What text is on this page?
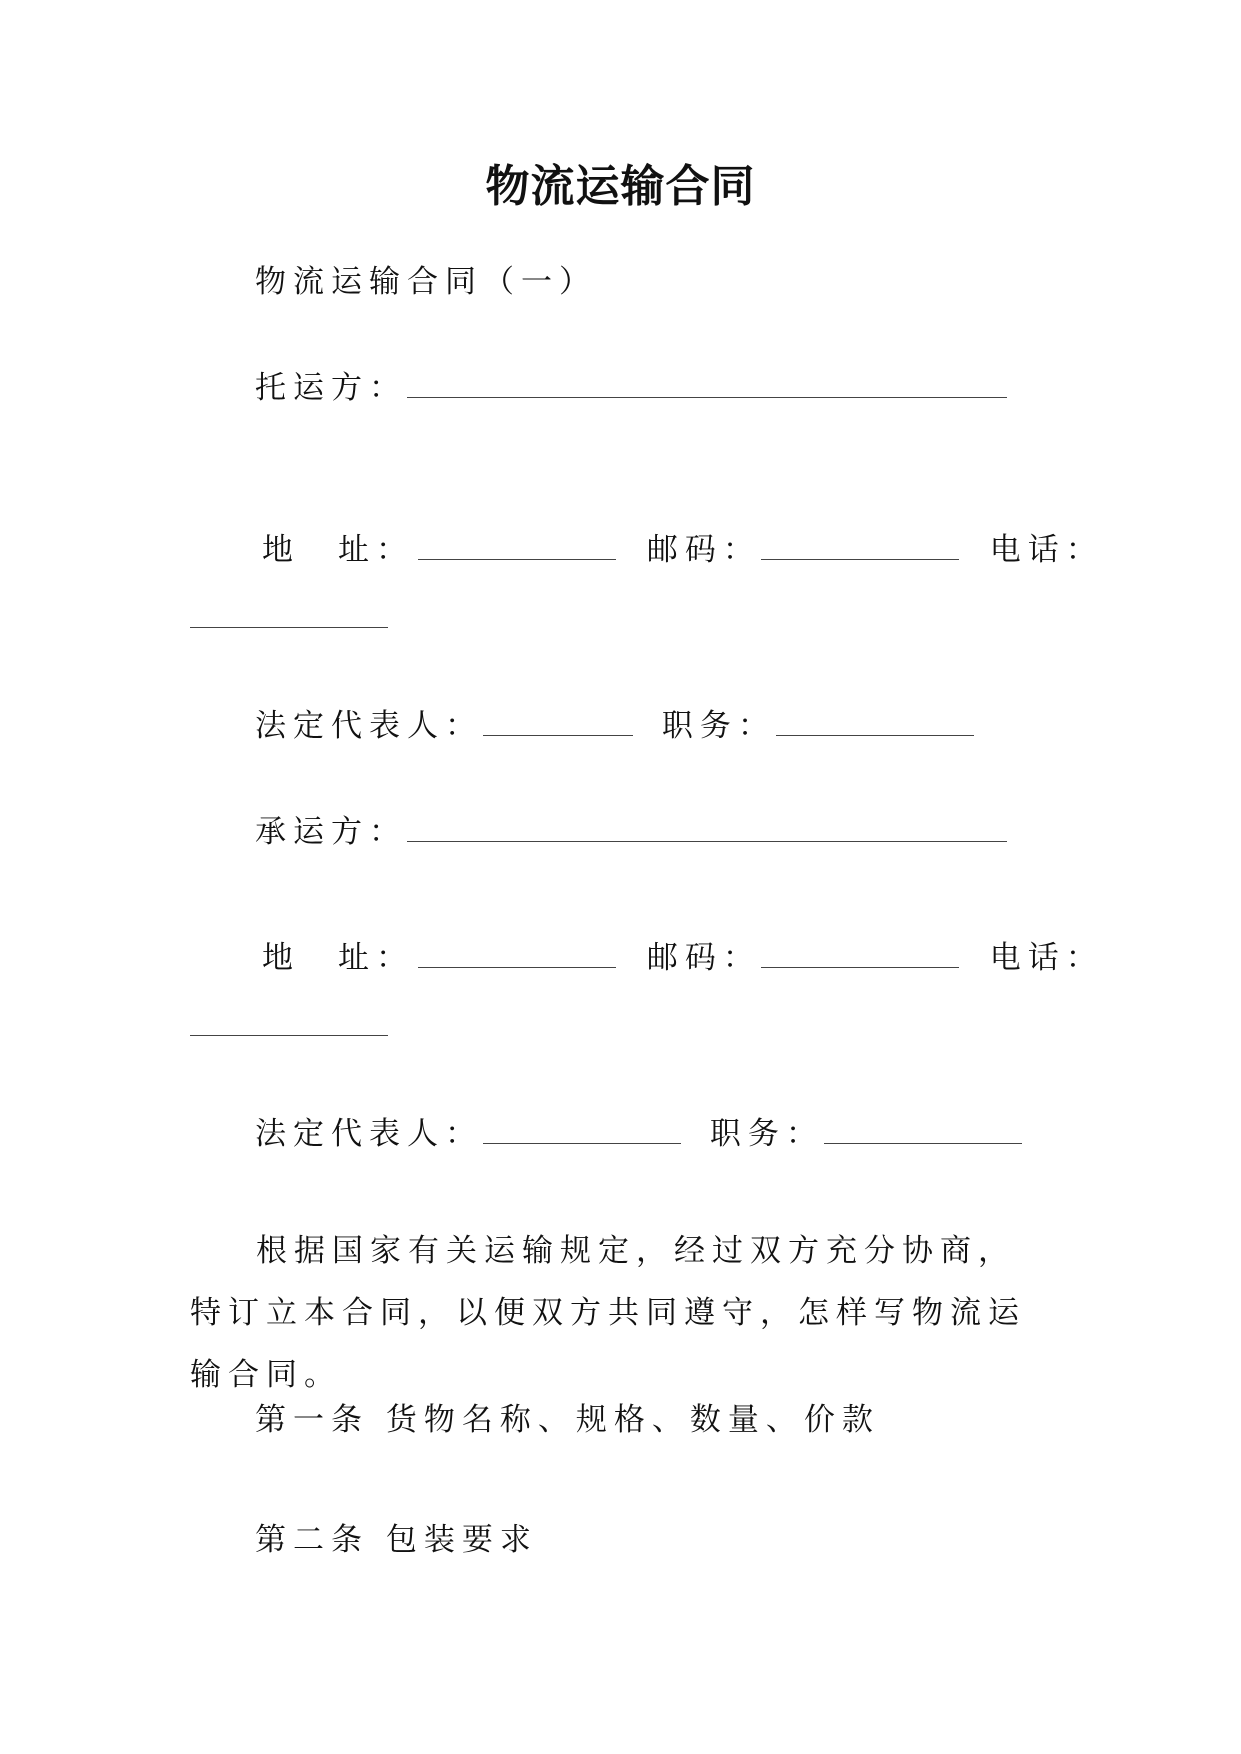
物流运输合同
物流运输合同（一）
托运方：
地　址：	邮码：	电话：
法定代表人：	职务：
承运方：
地　址：	邮码：	电话：
法定代表人：	职务：
根据国家有关运输规定，经过双方充分协商，特订立本合同，以便双方共同遵守，怎样写物流运输合同。
第一条 货物名称、规格、数量、价款
第二条 包装要求
